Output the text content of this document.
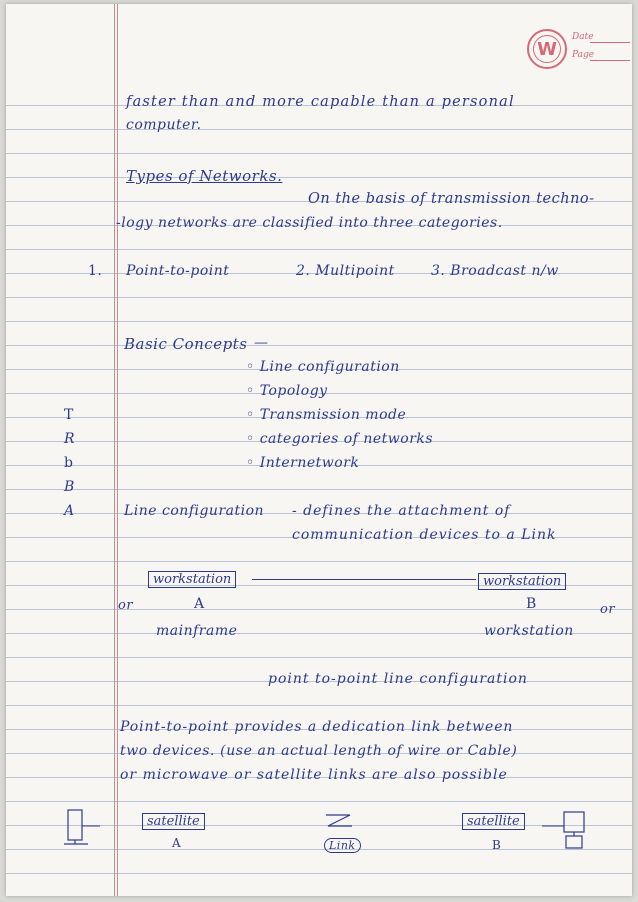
W
Date
Page
faster than and more capable than a personal
computer.
Types of Networks.
On the basis of transmission techno-
-logy networks are classified into three categories.
1. Point-to-point	2. Multipoint	3. Broadcast n/w
Basic Concepts —
◦ Line configuration
◦ Topology
◦ Transmission mode
◦ categories of networks
◦ Internetwork
T
R
b
B
A	Line configuration - defines the attachment of
communication devices to a Link
workstation	workstation
or	A	B	or
mainframe	workstation
point to-point line configuration
Point-to-point provides a dedication link between
two devices. (use an actual length of wire or Cable)
or microwave or satellite links are also possible
satellite
A	Link
satellite
B
